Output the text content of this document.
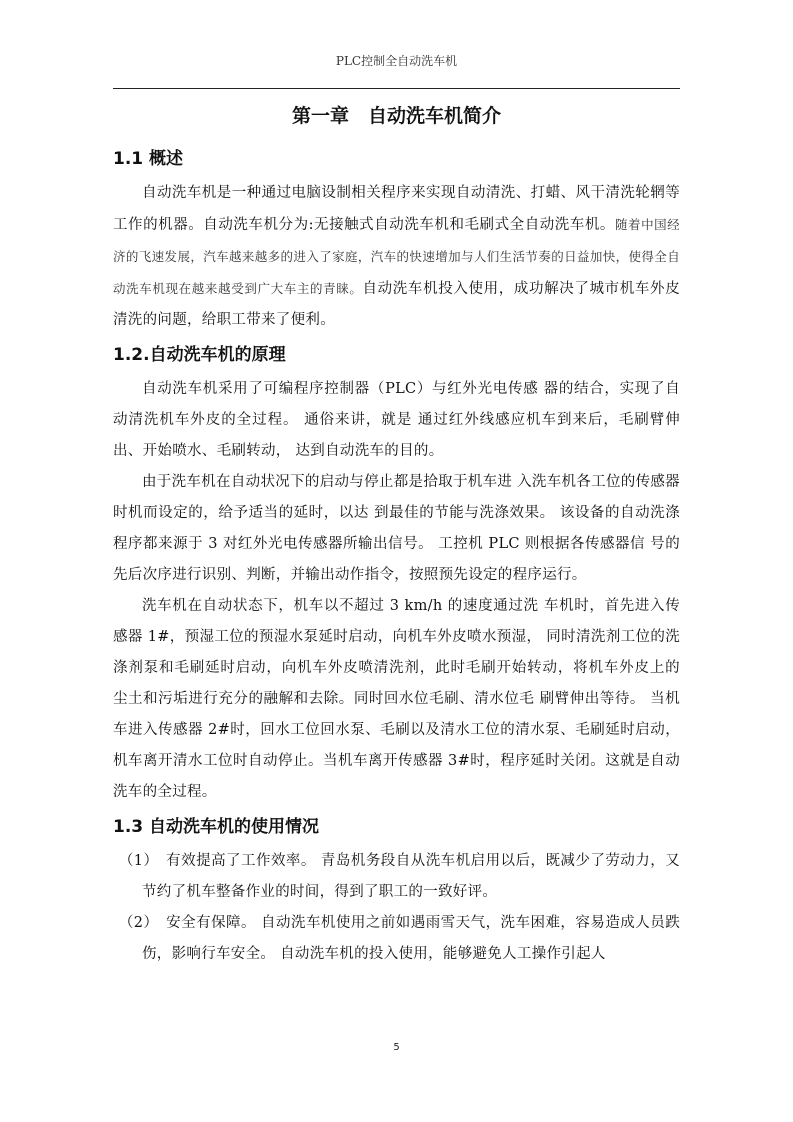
PLC控制全自动洗车机
第一章　自动洗车机简介
1.1 概述

自动洗车机是一种通过电脑设制相关程序来实现自动清洗、打蜡、风干清洗轮辋等工作的机器。自动洗车机分为:无接触式自动洗车机和毛刷式全自动洗车机。随着中国经济的飞速发展，汽车越来越多的进入了家庭，汽车的快速增加与人们生活节奏的日益加快，使得全自动洗车机现在越来越受到广大车主的青睐。自动洗车机投入使用，成功解决了城市机车外皮清洗的问题，给职工带来了便利。

1.2.自动洗车机的原理

自动洗车机采用了可编程序控制器（PLC）与红外光电传感 器的结合，实现了自动清洗机车外皮的全过程。 通俗来讲，就是 通过红外线感应机车到来后，毛刷臂伸出、开始喷水、毛刷转动， 达到自动洗车的目的。

由于洗车机在自动状况下的启动与停止都是拾取于机车进 入洗车机各工位的传感器时机而设定的，给予适当的延时，以达 到最佳的节能与洗涤效果。 该设备的自动洗涤程序都来源于 3 对红外光电传感器所输出信号。 工控机 PLC 则根据各传感器信 号的先后次序进行识别、判断，并输出动作指令，按照预先设定的程序运行。

洗车机在自动状态下，机车以不超过 3 km/h 的速度通过洗 车机时，首先进入传感器 1#，预湿工位的预湿水泵延时启动，向机车外皮喷水预湿， 同时清洗剂工位的洗涤剂泵和毛刷延时启动，向机车外皮喷清洗剂，此时毛刷开始转动，将机车外皮上的 尘土和污垢进行充分的融解和去除。同时回水位毛刷、清水位毛 刷臂伸出等待。 当机车进入传感器 2#时，回水工位回水泵、毛刷以及清水工位的清水泵、毛刷延时启动，机车离开清水工位时自动停止。当机车离开传感器 3#时，程序延时关闭。这就是自动洗车的全过程。

1.3 自动洗车机的使用情况

（1）　有效提高了工作效率。 青岛机务段自从洗车机启用以后，既减少了劳动力，又节约了机车整备作业的时间，得到了职工的一致好评。

（2）　安全有保障。 自动洗车机使用之前如遇雨雪天气，洗车困难，容易造成人员跌伤，影响行车安全。 自动洗车机的投入使用，能够避免人工操作引起人

5
